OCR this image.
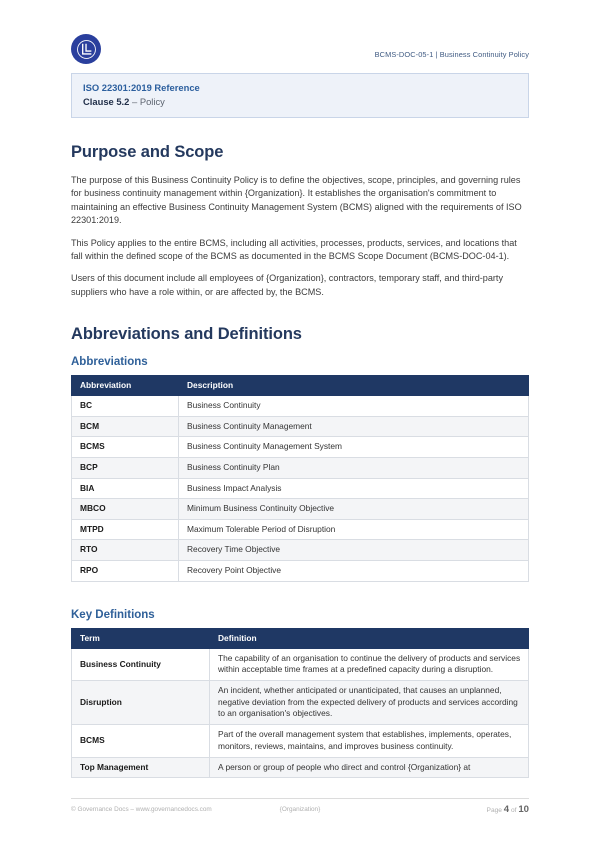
BCMS-DOC-05-1 | Business Continuity Policy
ISO 22301:2019 Reference
Clause 5.2 – Policy
Purpose and Scope

The purpose of this Business Continuity Policy is to define the objectives, scope, principles, and governing rules for business continuity management within {Organization}. It establishes the organisation's commitment to maintaining an effective Business Continuity Management System (BCMS) aligned with the requirements of ISO 22301:2019.

This Policy applies to the entire BCMS, including all activities, processes, products, services, and locations that fall within the defined scope of the BCMS as documented in the BCMS Scope Document (BCMS-DOC-04-1).

Users of this document include all employees of {Organization}, contractors, temporary staff, and third-party suppliers who have a role within, or are affected by, the BCMS.

Abbreviations and Definitions
Abbreviations
Abbreviation	Description
BC	Business Continuity
BCM	Business Continuity Management
BCMS	Business Continuity Management System
BCP	Business Continuity Plan
BIA	Business Impact Analysis
MBCO	Minimum Business Continuity Objective
MTPD	Maximum Tolerable Period of Disruption
RTO	Recovery Time Objective
RPO	Recovery Point Objective
Key Definitions
Term	Definition
Business Continuity	The capability of an organisation to continue the delivery of products and services within acceptable time frames at a predefined capacity during a disruption.
Disruption	An incident, whether anticipated or unanticipated, that causes an unplanned, negative deviation from the expected delivery of products and services according to an organisation's objectives.
BCMS	Part of the overall management system that establishes, implements, operates, monitors, reviews, maintains, and improves business continuity.
Top Management	A person or group of people who direct and control {Organization} at
© Governance Docs – www.governancedocs.com	{Organization}	Page 4 of 10
